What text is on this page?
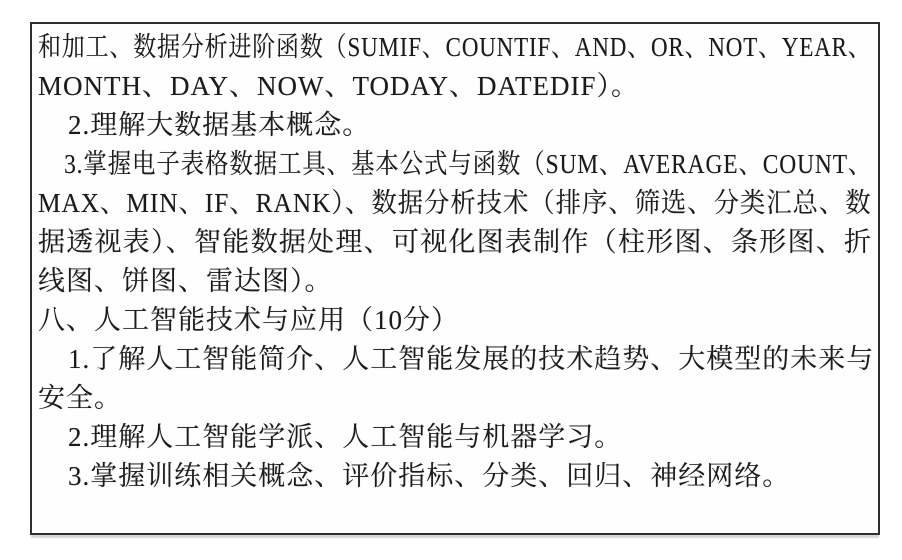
和加工、数据分析进阶函数（SUMIF、COUNTIF、AND、OR、NOT、YEAR、
MONTH、DAY、NOW、TODAY、DATEDIF）。
2.理解大数据基本概念。
3.掌握电子表格数据工具、基本公式与函数（SUM、AVERAGE、COUNT、
MAX、MIN、IF、RANK）、数据分析技术（排序、筛选、分类汇总、数
据透视表）、智能数据处理、可视化图表制作（柱形图、条形图、折
线图、饼图、雷达图）。
八、人工智能技术与应用（10分）
1.了解人工智能简介、人工智能发展的技术趋势、大模型的未来与
安全。
2.理解人工智能学派、人工智能与机器学习。
3.掌握训练相关概念、评价指标、分类、回归、神经网络。
